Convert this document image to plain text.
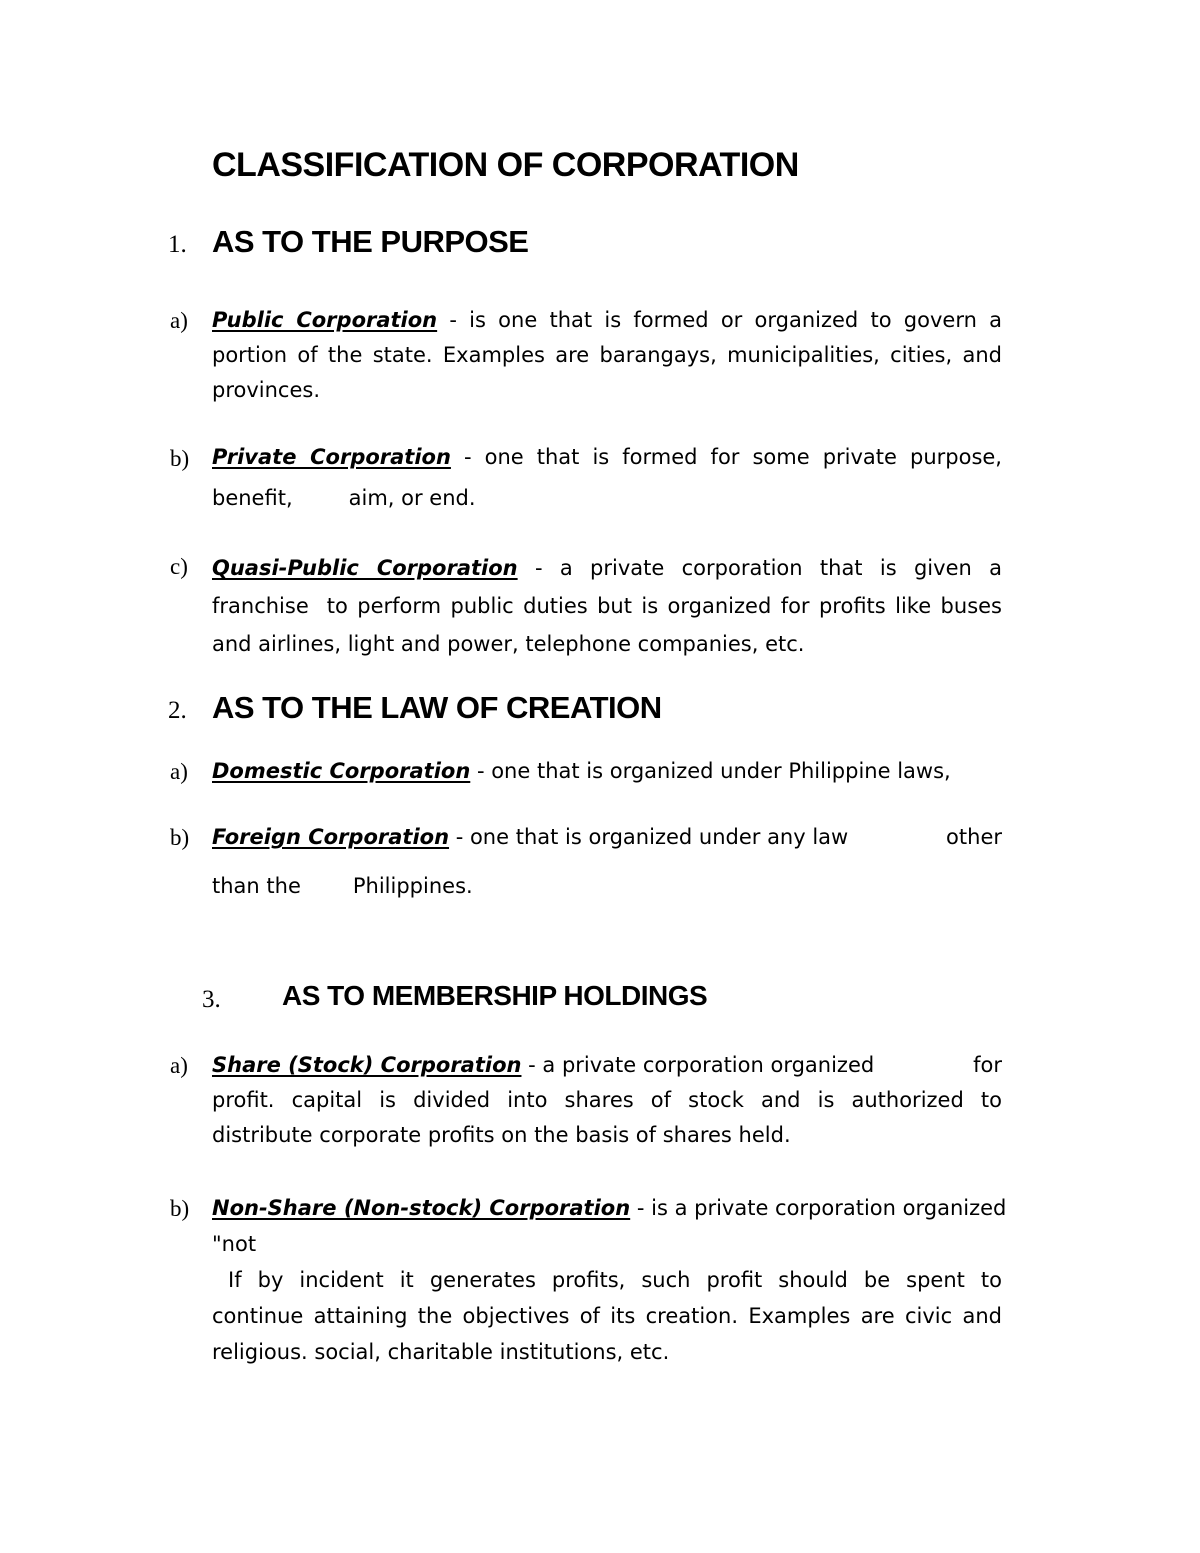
CLASSIFICATION OF CORPORATION
1. AS TO THE PURPOSE
a) Public Corporation - is one that is formed or organized to govern a
portion of the state. Examples are barangays, municipalities, cities, and
provinces.
b) Private Corporation - one that is formed for some private purpose,
benefit,	aim, or end.
c) Quasi-Public Corporation - a private corporation that is given a
franchise to perform public duties but is organized for profits like buses
and airlines, light and power, telephone companies, etc.
2. AS TO THE LAW OF CREATION
a) Domestic Corporation - one that is organized under Philippine laws,
b) Foreign Corporation - one that is organized under any law	other
than the Philippines.
3. AS TO MEMBERSHIP HOLDINGS
a) Share (Stock) Corporation - a private corporation organized	for
profit. capital is divided into shares of stock and is authorized to
distribute corporate profits on the basis of shares held.
b) Non-Share (Non-stock) Corporation - is a private corporation organized
"not
If by incident it generates profits, such profit should be spent to
continue attaining the objectives of its creation. Examples are civic and
religious. social, charitable institutions, etc.
